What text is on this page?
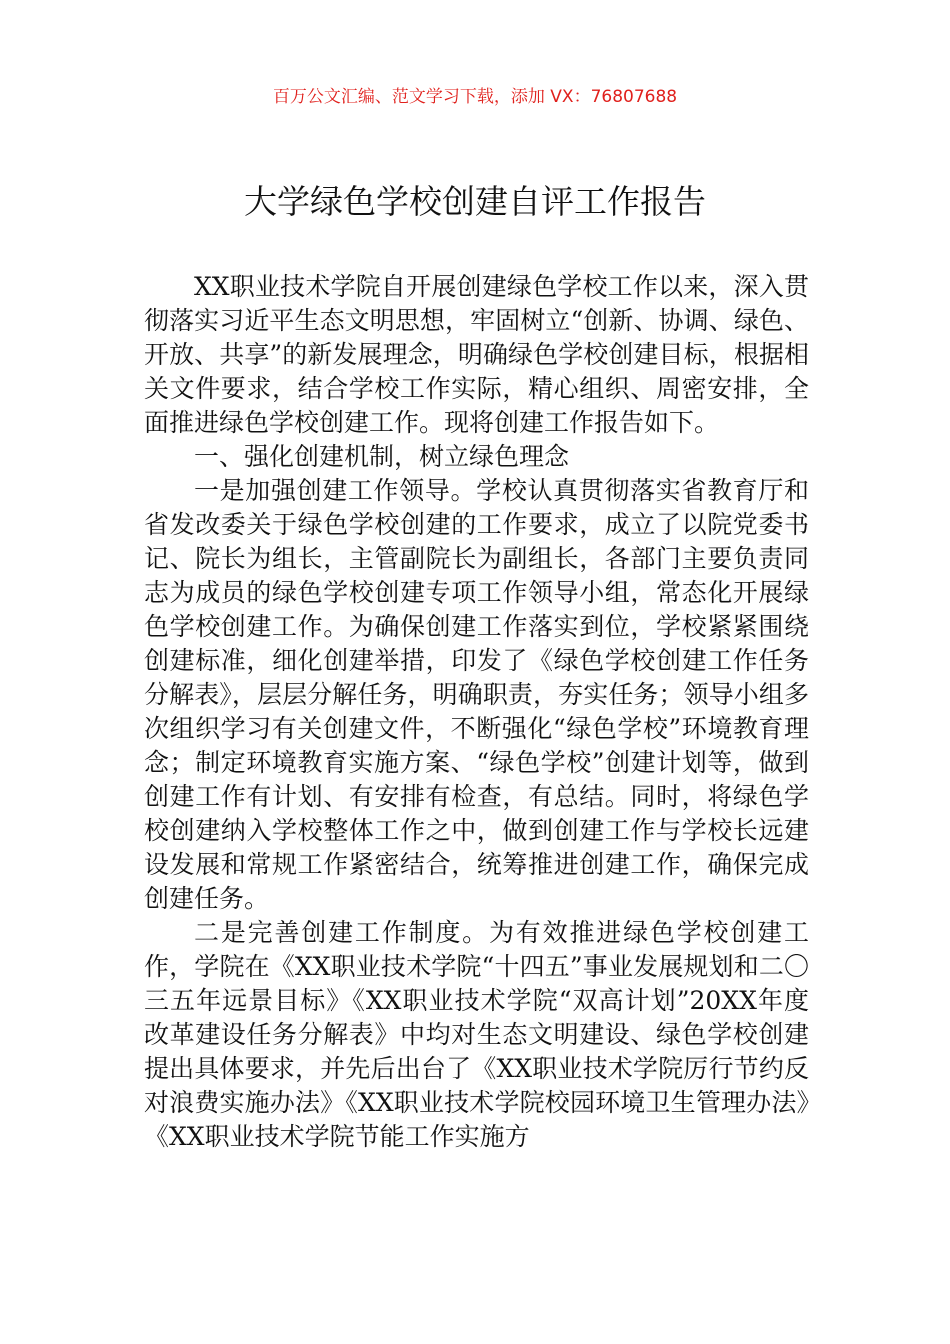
百万公文汇编、范文学习下载，添加 VX：76807688
大学绿色学校创建自评工作报告

XX职业技术学院自开展创建绿色学校工作以来，深入贯彻落实习近平生态文明思想，牢固树立“创新、协调、绿色、开放、共享”的新发展理念，明确绿色学校创建目标，根据相关文件要求，结合学校工作实际，精心组织、周密安排，全面推进绿色学校创建工作。现将创建工作报告如下。

一、强化创建机制，树立绿色理念

一是加强创建工作领导。学校认真贯彻落实省教育厅和省发改委关于绿色学校创建的工作要求，成立了以院党委书记、院长为组长，主管副院长为副组长，各部门主要负责同志为成员的绿色学校创建专项工作领导小组，常态化开展绿色学校创建工作。为确保创建工作落实到位，学校紧紧围绕创建标准，细化创建举措，印发了《绿色学校创建工作任务分解表》，层层分解任务，明确职责，夯实任务；领导小组多次组织学习有关创建文件，不断强化“绿色学校”环境教育理念；制定环境教育实施方案、“绿色学校”创建计划等，做到创建工作有计划、有安排有检查，有总结。同时，将绿色学校创建纳入学校整体工作之中，做到创建工作与学校长远建设发展和常规工作紧密结合，统筹推进创建工作，确保完成创建任务。

二是完善创建工作制度。为有效推进绿色学校创建工作，学院在《XX职业技术学院“十四五”事业发展规划和二〇三五年远景目标》《XX职业技术学院“双高计划”20XX年度改革建设任务分解表》中均对生态文明建设、绿色学校创建提出具体要求，并先后出台了《XX职业技术学院厉行节约反对浪费实施办法》《XX职业技术学院校园环境卫生管理办法》《XX职业技术学院节能工作实施方
